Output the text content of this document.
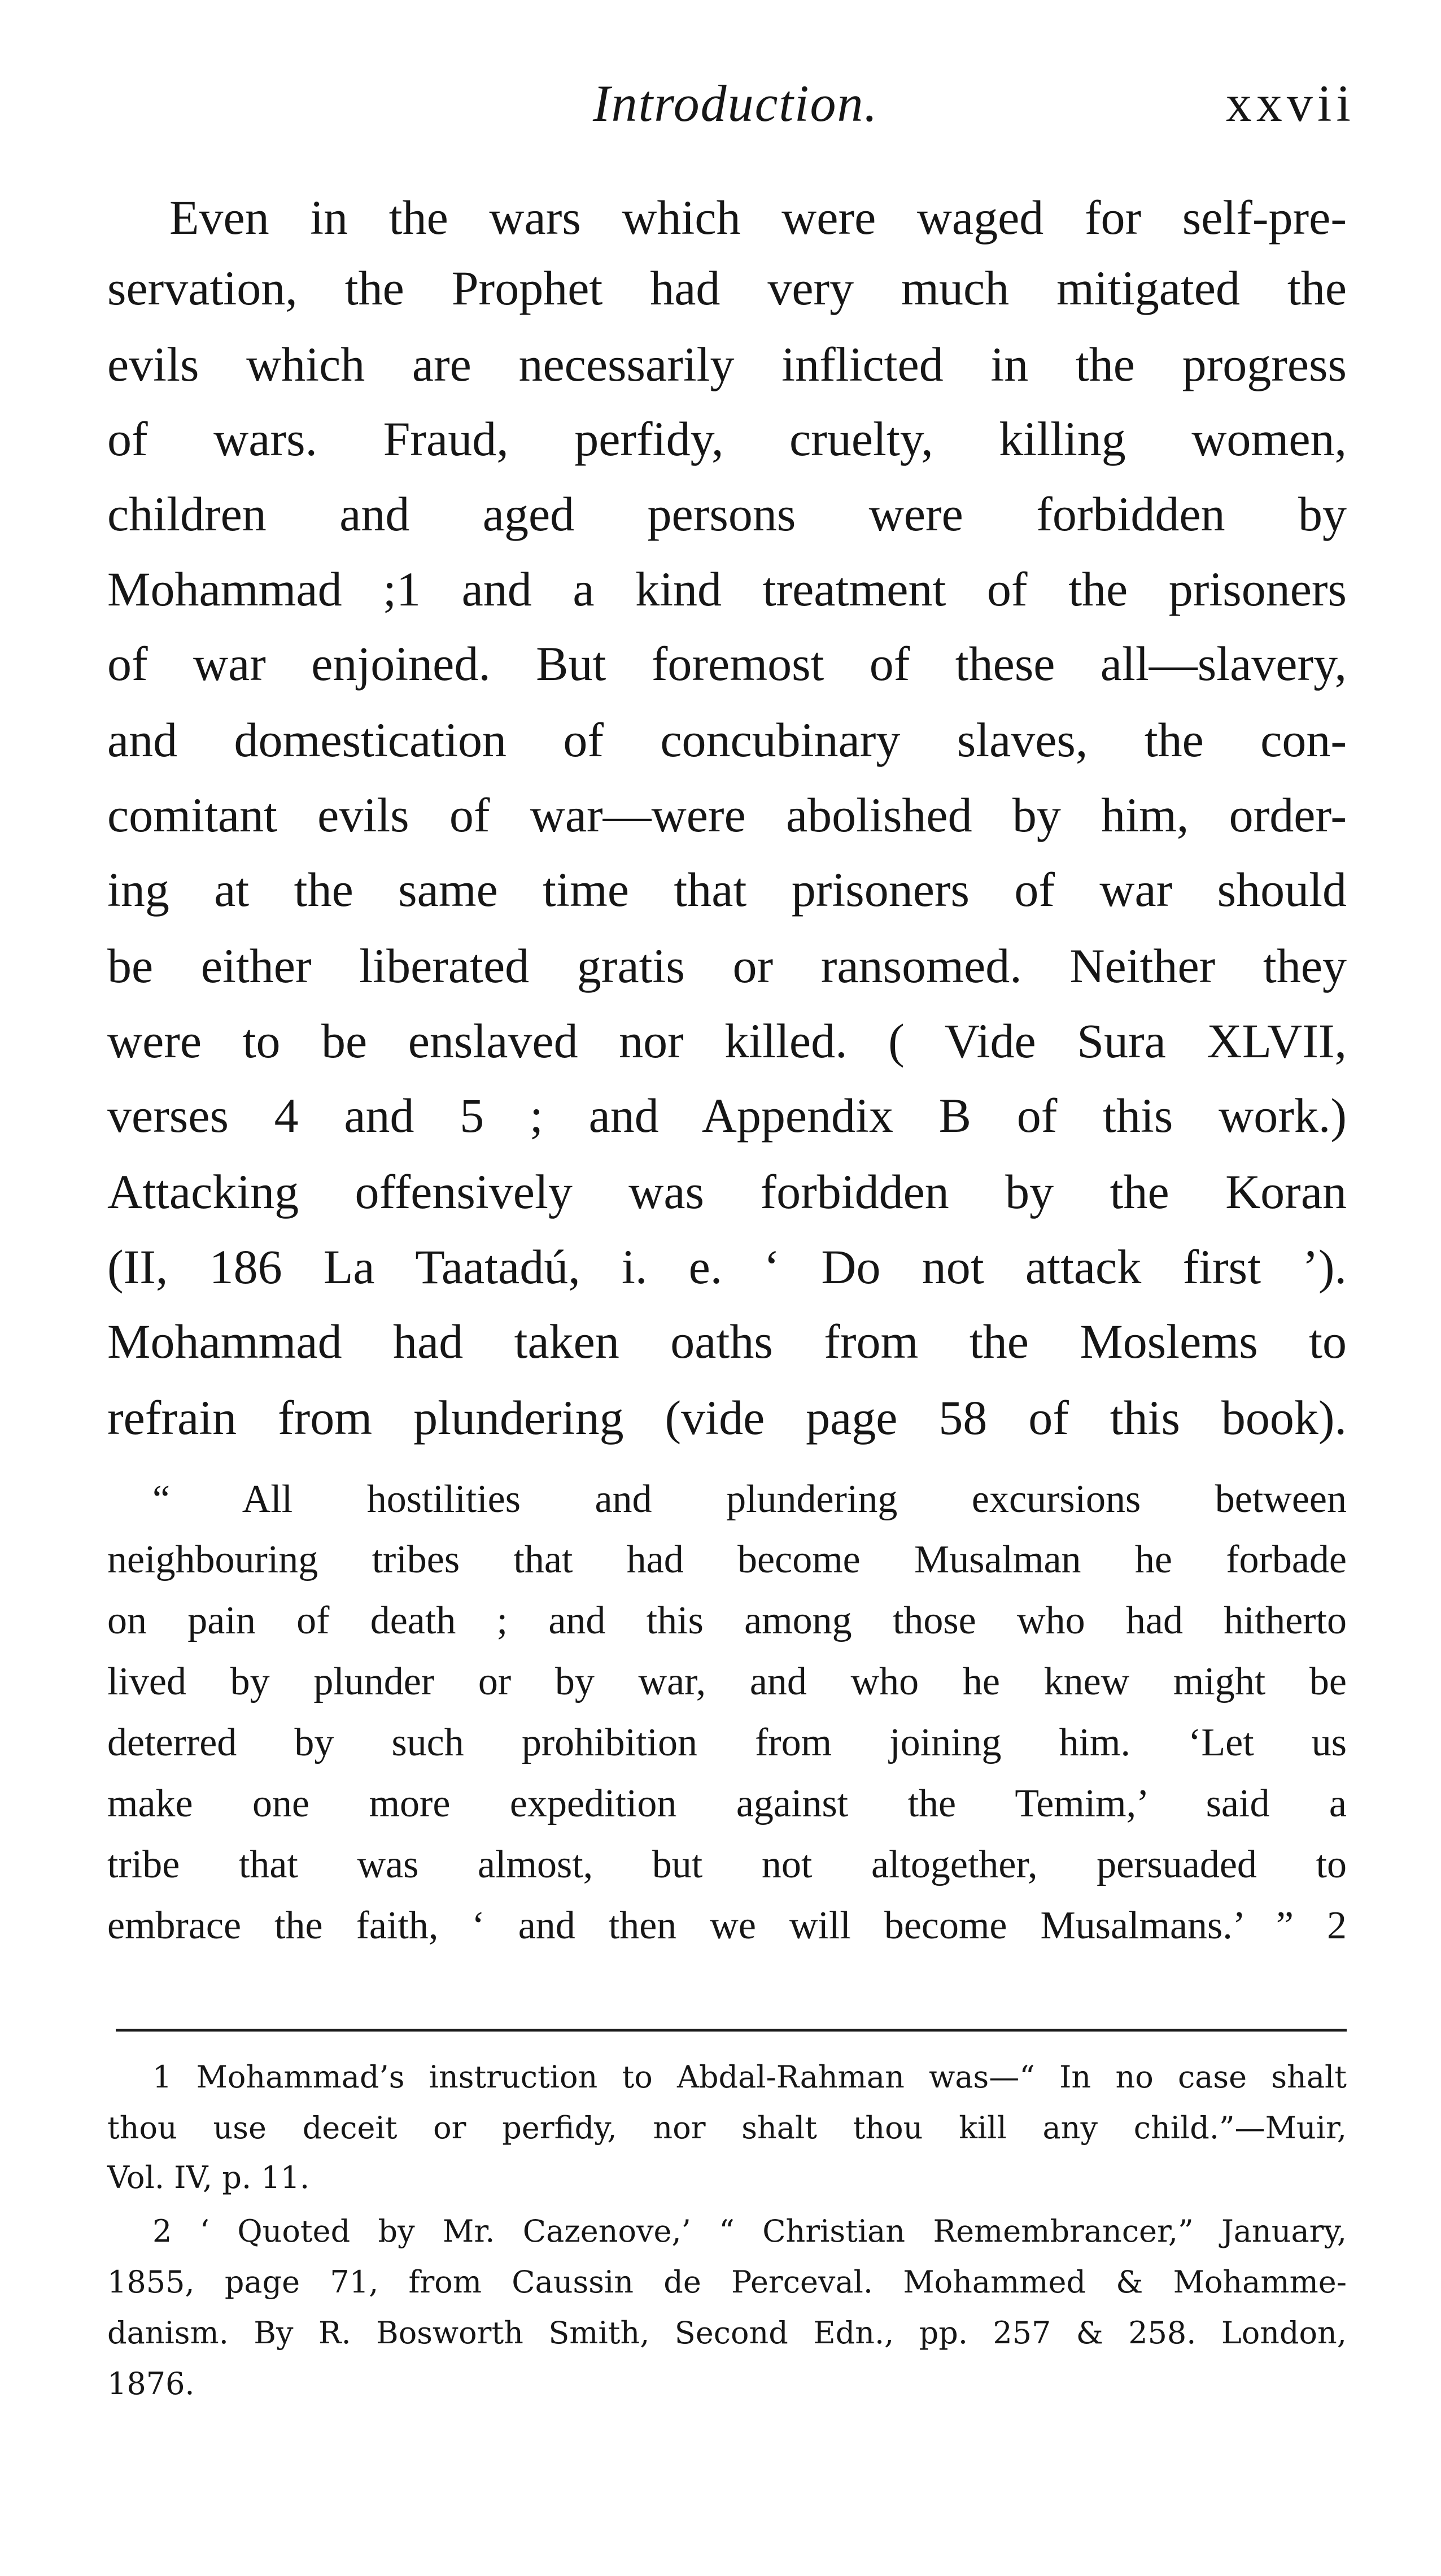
Introduction.	xxvii
Even in the wars which were waged for self-pre-
servation, the Prophet had very much mitigated the
evils which are necessarily inflicted in the progress
of wars. Fraud, perfidy, cruelty, killing women,
children and aged persons were forbidden by
Mohammad ;1 and a kind treatment of the prisoners
of war enjoined. But foremost of these all—slavery,
and domestication of concubinary slaves, the con-
comitant evils of war—were abolished by him, order-
ing at the same time that prisoners of war should
be either liberated gratis or ransomed. Neither they
were to be enslaved nor killed. ( Vide Sura XLVII,
verses 4 and 5 ; and Appendix B of this work.)
Attacking offensively was forbidden by the Koran
(II, 186 La Taatadú, i. e. ‘ Do not attack first ’).
Mohammad had taken oaths from the Moslems to
refrain from plundering (vide page 58 of this book).
“ All hostilities and plundering excursions between
neighbouring tribes that had become Musalman he forbade
on pain of death ; and this among those who had hitherto
lived by plunder or by war, and who he knew might be
deterred by such prohibition from joining him. ‘Let us
make one more expedition against the Temim,’ said a
tribe that was almost, but not altogether, persuaded to
embrace the faith, ‘ and then we will become Musalmans.’ ” 2
1 Mohammad’s instruction to Abdal-Rahman was—“ In no case shalt
thou use deceit or perfidy, nor shalt thou kill any child.”—Muir,
Vol. IV, p. 11.
2 ‘ Quoted by Mr. Cazenove,’ “ Christian Remembrancer,” January,
1855, page 71, from Caussin de Perceval. Mohammed & Mohamme-
danism. By R. Bosworth Smith, Second Edn., pp. 257 & 258. London,
1876.
